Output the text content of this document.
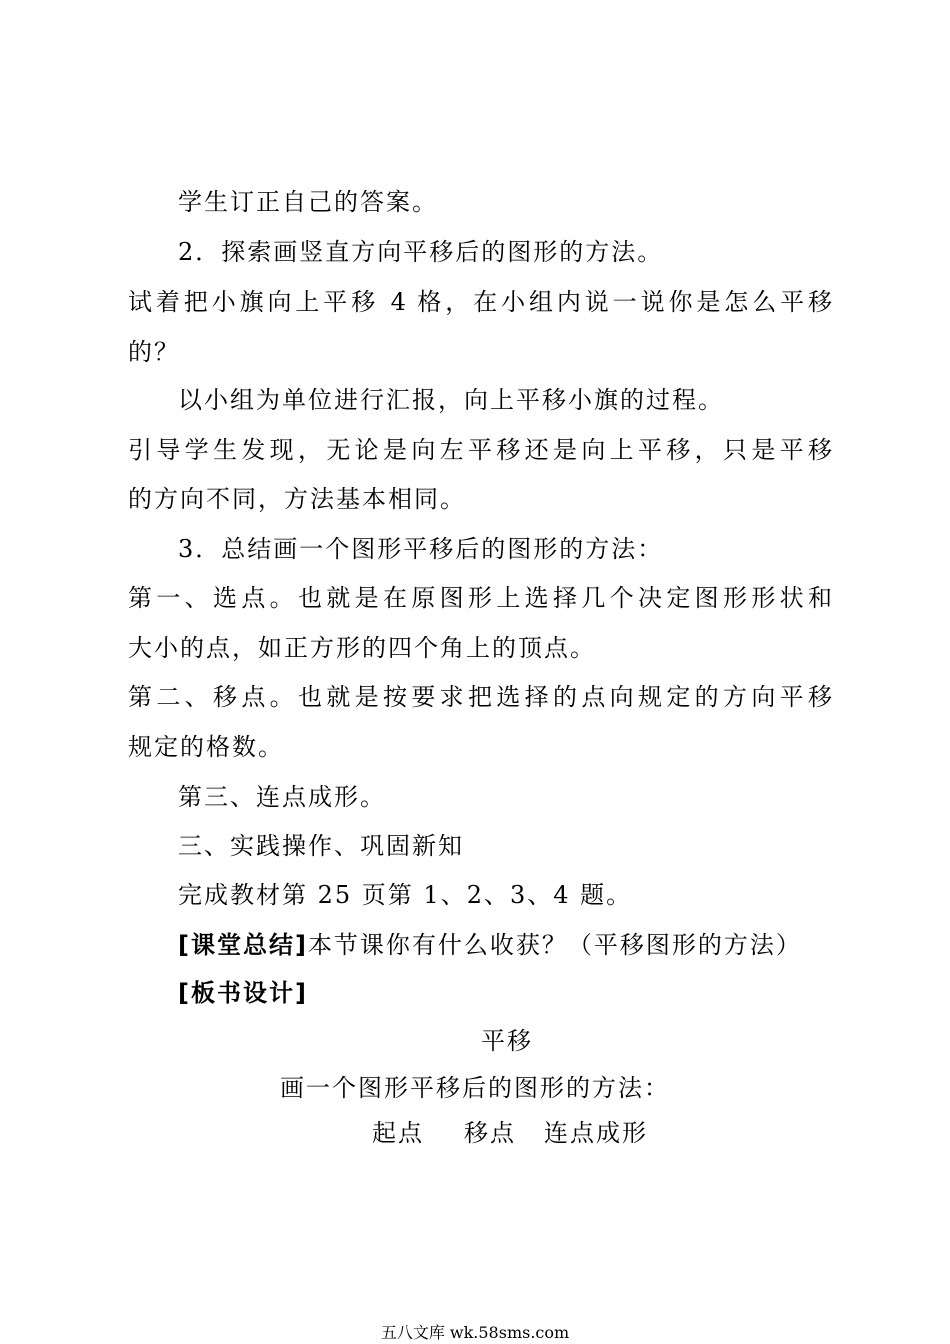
学生订正自己的答案。
2．探索画竖直方向平移后的图形的方法。
试着把小旗向上平移 4 格，在小组内说一说你是怎么平移
的？
以小组为单位进行汇报，向上平移小旗的过程。
引导学生发现，无论是向左平移还是向上平移，只是平移
的方向不同，方法基本相同。
3．总结画一个图形平移后的图形的方法：
第一、选点。也就是在原图形上选择几个决定图形形状和
大小的点，如正方形的四个角上的顶点。
第二、移点。也就是按要求把选择的点向规定的方向平移
规定的格数。
第三、连点成形。
三、实践操作、巩固新知
完成教材第 25 页第 1、2、3、4 题。
[课堂总结]本节课你有什么收获？（平移图形的方法）
[板书设计]
平移
画一个图形平移后的图形的方法：
起点 移点 连点成形
五八文库 wk.58sms.com
